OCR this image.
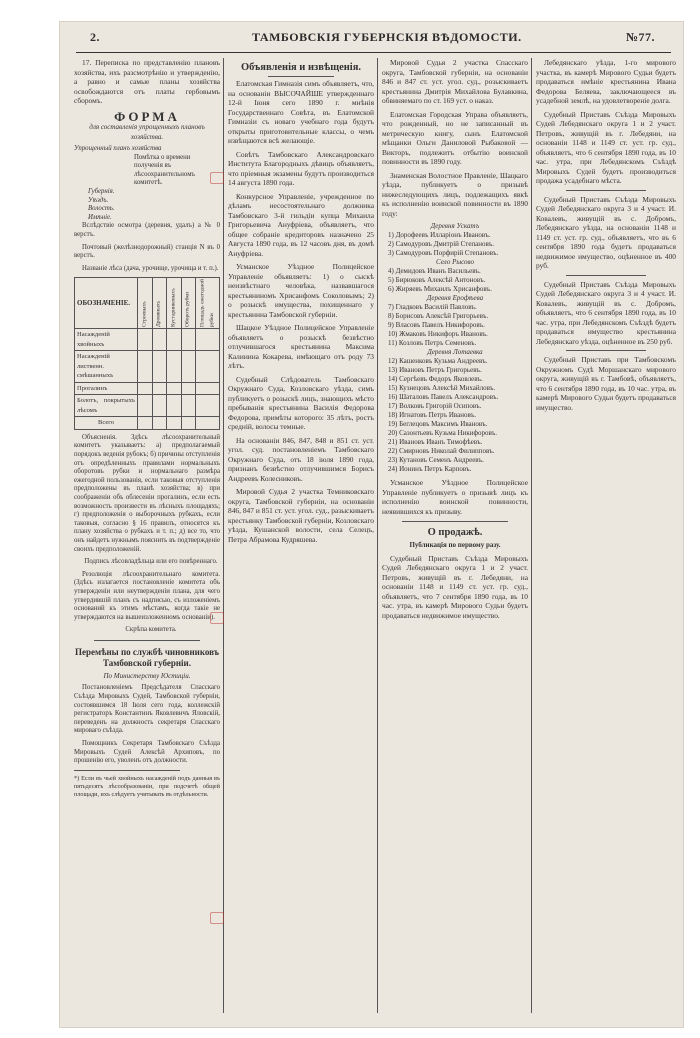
2.	ТАМБОВСКІЯ ГУБЕРНСКІЯ ВѢДОМОСТИ.	№77.

17. Переписка по представленію плановъ хозяйства, ихъ разсмотрѣнію и утвержденію, а равно и самые планы хозяйства освобождаются отъ платы гербовымъ сборомъ.

ФОРМА
для составленія упрощенныхъ плановъ хозяйства.
Упрощенный планъ хозяйства
Помѣтка о времени полученія въ лѣсоохранительномъ комитетѣ.
Губернія.
Уѣздъ.
Волость.
Имѣніе.

Вслѣдствіе осмотра (деревня, удалъ) а № 0 верстъ.

Почтовый (желѣзнодорожный) станція N въ 0 верстъ.

Названіе лѣса (дача, урочище, урочища и т. п.).

ОБОЗНАЧЕНІЕ.	Строевыхъ	Дровяныхъ	Кустарниковыхъ	Обороть рубки	Площадь ежегодной рубки
Насажденій хвойныхъ					
Насажденій лиственн. смѣшанныхъ					
Прогалинъ					
Болотъ, покрытыхъ лѣсомъ					
Всего					

Объясненія. Здѣсь лѣсоохранительный комитетъ указываетъ: а) предполагаемый порядокъ веденія рубокъ; б) причины отступленія отъ опредѣленныхъ правилами нормальныхъ оборотовъ рубки и нормальнаго размѣра ежегодной пользованія, если таковыя отступленія предположены въ планѣ хозяйства; в) при соображеніи объ облесеніи прогалинъ, если есть возможность произвести въ лѣсныхъ площадяхъ; г) предположенія о выборочныхъ рубкахъ, если таковыя, согласно § 16 правилъ, относятся къ плану хозяйства о рубкахъ и т. п.; д) все то, что онъ найдетъ нужнымъ пояснить въ подтвержденіе своихъ предположеній.

Подпись лѣсовладѣльца или его повѣреннаго.

Резолюція лѣсоохранительнаго комитета. (Здѣсь излагается постановленіе комитета объ утвержденіи или неутвержденіи плана, для чего утвердившій планъ съ надписью, съ изложеніемъ оснований къ этимъ мѣстамъ, когда такіе не утверждаются на вышеизложенномъ основаніи).

Скрѣпа комитета.

Перемѣны по службѣ чиновниковъ Тамбовской губерніи.
По Министерству Юстиціи.

Постановленіемъ Предсѣдателя Спасскаго Съѣзда Мировыхъ Судей, Тамбовской губерніи, состоявшимся 18 Іюля сего года, коллежскій регистраторъ Константинъ Яковлевичъ Яловскій, переведенъ на должность секретаря Спасскаго мироваго съѣзда.

Помощникъ Секретаря Тамбовскаго Съѣзда Мировыхъ Судей Алексѣй Архиповъ, по прошенію его, уволенъ отъ должности.

*) Если въ чьей хвойныхъ насажденій подъ данныя въ пятьдесятъ лѣсообразованіи, при подсчетѣ общей площади, ихъ слѣдуетъ учитывать въ отдѣльности.
Объявленія и извѣщенія.

Елатомская Гимназія симъ объявляетъ, что, на основаніи ВЫСОЧАЙШЕ утвержденнаго 12-й Іюня сего 1890 г. мнѣнія Государственнаго Совѣта, въ Елатомской Гимназіи съ новаго учебнаго года будутъ открыты приготовительные классы, о чемъ извѣщаются всѣ желающіе.

Совѣтъ Тамбовскаго Александровскаго Института Благородныхъ дѣвицъ объявляетъ, что пріемныя экзамены будутъ производиться 14 августа 1890 года.

Конкурсное Управленіе, учрежденное по дѣламъ несостоятельнаго должника Тамбовскаго 3-й гильдіи купца Михаила Григорьевича Ануфріева, объявляетъ, что общее собраніе кредиторовъ назначено 25 Августа 1890 года, въ 12 часовъ дня, въ домѣ Ануфріева.

Усманское Уѣздное Полицейское Управленіе объявляетъ: 1) о сыскѣ неизвѣстнаго человѣка, назвавшагося крестьяниномъ Хрисанфомъ Соколовымъ; 2) о розыскѣ имущества, похищеннаго у крестьянина Тамбовской губерніи.

Шацкое Уѣздное Полицейское Управленіе объявляетъ о розыскѣ безвѣстно отлучившагося крестьянина Максима Калинина Кокарева, имѣющаго отъ роду 73 лѣтъ.

Судебный Слѣдователь Тамбовскаго Окружнаго Суда, Козловскаго уѣзда, симъ публикуетъ о розыскѣ лицъ, знающихъ мѣсто пребыванія крестьянина Василія Федорова Федорова, примѣты которого: 35 лѣтъ, ростъ средній, волосы темные.

На основаніи 846, 847, 848 и 851 ст. уст. угол. суд. постановленіемъ Тамбовскаго Окружнаго Суда, отъ 18 іюля 1890 года, признанъ безвѣстно отлучившимся Борисъ Андреевъ Колесниковъ.

Мировой Судья 2 участка Темниковскаго округа, Тамбовской губерніи, на основаніи 846, 847 и 851 ст. уст. угол. суд., разыскиваетъ крестьянку Тамбовской губерніи, Козловскаго уѣзда, Кушанской волости, села Селецъ, Петра Абрамова Кудряшева.

Мировой Судья 2 участка Спасскаго округа, Тамбовской губерніи, на основаніи 846 и 847 ст. уст. угол. суд., розыскиваетъ крестьянина Дмитрія Михайлова Булавкина, обвиняемаго по ст. 169 уст. о наказ.

Елатомская Городская Управа объявляетъ, что рожденный, но не записанный въ метрическую книгу, сынъ Елатомской мѣщанки Ольги Даниловой Рыбаковой — Викторъ, подлежитъ отбытію воинской повинности въ 1890 году.

Знаменская Волостное Правленіе, Шацкаго уѣзда, публикуетъ о призывѣ нижеследующихъ лицъ, подлежащихъ явкѣ къ исполненію воинской повинности въ 1890 году:

Деревня Ускатъ
1) Дорофеевъ Илларіонъ Ивановъ.
2) Самодуровъ Дмитрій Степановъ.
3) Самодуровъ Порфирій Степановъ.
Село Рысово
4) Демидовъ Иванъ Васильевъ.
5) Бирюковъ Алексѣй Антоновъ.
6) Жиряевъ Михаилъ Хрисанфовъ.
Деревня Ерофѣева
7) Гладковъ Василій Павловъ.
8) Борисовъ Алексѣй Григорьевъ.
9) Власовъ Павелъ Никифоровъ.
10) Жмаковъ Никифоръ Ивановъ.
11) Козловъ Петръ Семеновъ.
Деревня Лотаевка
12) Кашенковъ Кузьма Андреевъ.
13) Ивановъ Петръ Григорьевъ.
14) Сергѣевъ Федоръ Яковлевъ.
15) Кузнецовъ Алексѣй Михайловъ.
16) Шаталовъ Павелъ Александровъ.
17) Волковъ Григорій Осиповъ.
18) Игнатовъ Петръ Ивановъ.
19) Беглецовъ Максимъ Ивановъ.
20) Сазонтьевъ Кузьма Никифоровъ.
21) Ивановъ Иванъ Тимофѣевъ.
22) Смирновъ Николай Филипповъ.
23) Кутановъ Семенъ Андреевъ.
24) Ионинъ Петръ Карповъ.

Усманское Уѣздное Полицейское Управленіе публикуетъ о призывѣ лицъ къ исполненію воинской повинности, неявившихся къ призыву.

О продажѣ.
Публикація по первому разу.

Судебный Приставъ Съѣзда Мировыхъ Судей Лебедянскаго округа 1 и 2 участ. Петровъ, живущій въ г. Лебедяни, на основаніи 1148 и 1149 ст. уст. гр. суд., объявляетъ, что 7 сентября 1890 года, въ 10 час. утра, въ камерѣ Мирового Судьи будетъ продаваться недвижимое имущество.

Лебедянскаго уѣзда, 1-го мирового участка, въ камерѣ Мирового Судьи будетъ продаваться имѣніе крестьянина Ивана Федорова Беляева, заключающееся въ усадебной землѣ, на удовлетвореніе долга.

Судебный Приставъ Съѣзда Мировыхъ Судей Лебедянскаго округа 1 и 2 участ. Петровъ, живущій въ г. Лебедяни, на основаніи 1148 и 1149 ст. уст. гр. суд., объявляетъ, что 6 сентября 1890 года, въ 10 час. утра, при Лебедянскомъ Съѣздѣ Мировыхъ Судей будетъ производиться продажа усадебнаго мѣста.

Судебный Приставъ Съѣзда Мировыхъ Судей Лебедянскаго округа 3 и 4 участ. И. Ковалевъ, живущій въ с. Добромъ, Лебедянскаго уѣзда, на основаніи 1148 и 1149 ст. уст. гр. суд., объявляетъ, что въ 6 сентября 1890 года будетъ продаваться недвижимое имущество, оцѣненное въ 400 руб.

Судебный Приставъ Съѣзда Мировыхъ Судей Лебедянскаго округа 3 и 4 участ. И. Ковалевъ, живущій въ с. Добромъ, объявляетъ, что 6 сентября 1890 года, въ 10 час. утра, при Лебедянскомъ Съѣздѣ будетъ продаваться имущество крестьянина Лебедянскаго уѣзда, оцѣненное въ 250 руб.

Судебный Приставъ при Тамбовскомъ Окружномъ Судѣ Моршанскаго мирового округа, живущій въ г. Тамбовѣ, объявляетъ, что 6 сентября 1890 года, въ 10 час. утра, въ камерѣ Мирового Судьи будетъ продаваться имущество.
